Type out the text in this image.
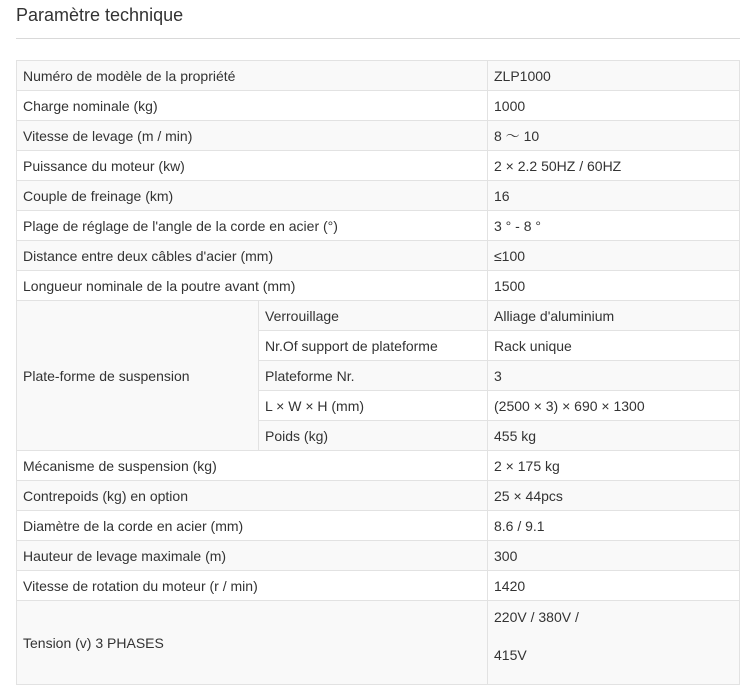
Paramètre technique
Numéro de modèle de la propriété		ZLP1000
Charge nominale (kg)		1000
Vitesse de levage (m / min)		8 ～ 10
Puissance du moteur (kw)		2 × 2.2 50HZ / 60HZ
Couple de freinage (km)		16
Plage de réglage de l'angle de la corde en acier (°)		3 ° - 8 °
Distance entre deux câbles d'acier (mm)		≤100
Longueur nominale de la poutre avant (mm)		1500
Plate-forme de suspension	Verrouillage	Alliage d'aluminium
	Nr.Of support de plateforme	Rack unique
	Plateforme Nr.	3
	L × W × H (mm)	(2500 × 3) × 690 × 1300
	Poids (kg)	455 kg
Mécanisme de suspension (kg)		2 × 175 kg
Contrepoids (kg) en option		25 × 44pcs
Diamètre de la corde en acier (mm)		8.6 / 9.1
Hauteur de levage maximale (m)		300
Vitesse de rotation du moteur (r / min)		1420
Tension (v) 3 PHASES		220V / 380V /
415V
